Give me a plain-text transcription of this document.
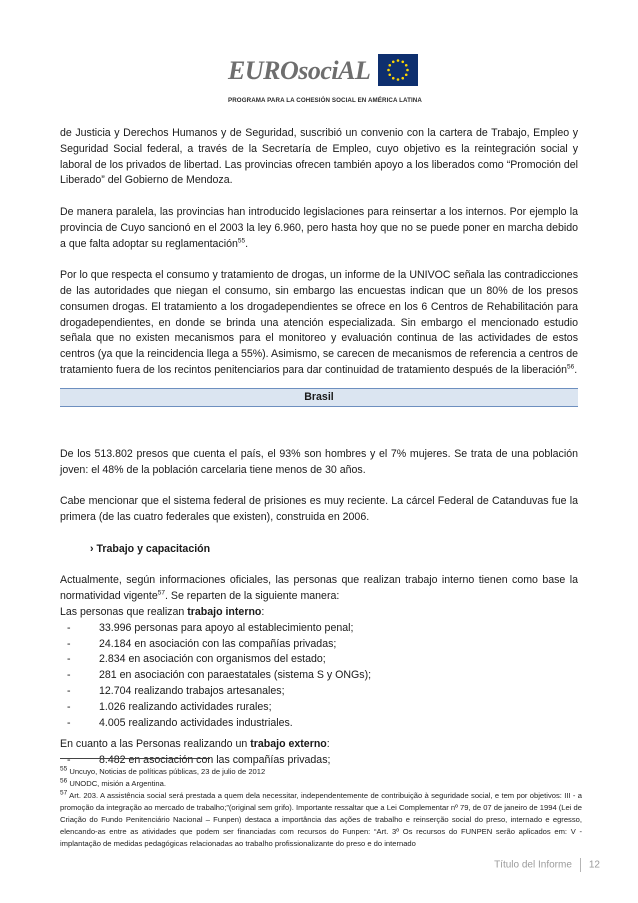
EUROsociAL
PROGRAMA PARA LA COHESIÓN SOCIAL EN AMÉRICA LATINA

de Justicia y Derechos Humanos y de Seguridad, suscribió un convenio con la cartera de Trabajo, Empleo y Seguridad Social federal, a través de la Secretaría de Empleo, cuyo objetivo es la reintegración social y laboral de los privados de libertad. Las provincias ofrecen también apoyo a los liberados como “Promoción del Liberado” del Gobierno de Mendoza.

De manera paralela, las provincias han introducido legislaciones para reinsertar a los internos. Por ejemplo la provincia de Cuyo sancionó en el 2003 la ley 6.960, pero hasta hoy que no se puede poner en marcha debido a que falta adoptar su reglamentación$^{55}$.

Por lo que respecta el consumo y tratamiento de drogas, un informe de la UNIVOC señala las contradicciones de las autoridades que niegan el consumo, sin embargo las encuestas indican que un 80% de los presos consumen drogas. El tratamiento a los drogadependientes se ofrece en los 6 Centros de Rehabilitación para drogadependientes, en donde se brinda una atención especializada. Sin embargo el mencionado estudio señala que no existen mecanismos para el monitoreo y evaluación continua de las actividades de estos centros (ya que la reincidencia llega a 55%). Asimismo, se carecen de mecanismos de referencia a centros de tratamiento fuera de los recintos penitenciarios para dar continuidad de tratamiento después de la liberación$^{56}$.

Brasil

De los 513.802 presos que cuenta el país, el 93% son hombres y el 7% mujeres. Se trata de una población joven: el 48% de la población carcelaria tiene menos de 30 años.

Cabe mencionar que el sistema federal de prisiones es muy reciente. La cárcel Federal de Catanduvas fue la primera (de las cuatro federales que existen), construida en 2006.

› Trabajo y capacitación

Actualmente, según informaciones oficiales, las personas que realizan trabajo interno tienen como base la normatividad vigente$^{57}$. Se reparten de la siguiente manera:

Las personas que realizan trabajo interno:
-	33.996 personas para apoyo al establecimiento penal;
-	24.184 en asociación con las compañías privadas;
-	2.834 en asociación con organismos del estado;
-	281 en asociación con paraestatales (sistema S y ONGs);
-	12.704 realizando trabajos artesanales;
-	1.026 realizando actividades rurales;
-	4.005 realizando actividades industriales.
En cuanto a las Personas realizando un trabajo externo:
-	8.482 en asociación con las compañías privadas;
$^{55}$ Uncuyo, Noticias de políticas públicas, 23 de julio de 2012
$^{56}$ UNODC, misión a Argentina.
$^{57}$ Art. 203. A assistência social será prestada a quem dela necessitar, independentemente de contribuição à seguridade social, e tem por objetivos: III - a promoção da integração ao mercado de trabalho;”(original sem grifo). Importante ressaltar que a Lei Complementar nº 79, de 07 de janeiro de 1994 (Lei de Criação do Fundo Penitenciário Nacional – Funpen) destaca a importância das ações de trabalho e reinserção social do preso, internado e egresso, elencando-as entre as atividades que podem ser financiadas com recursos do Funpen: “Art. 3º Os recursos do FUNPEN serão aplicados em: V - implantação de medidas pedagógicas relacionadas ao trabalho profissionalizante do preso e do internado
Título del Informe 12
